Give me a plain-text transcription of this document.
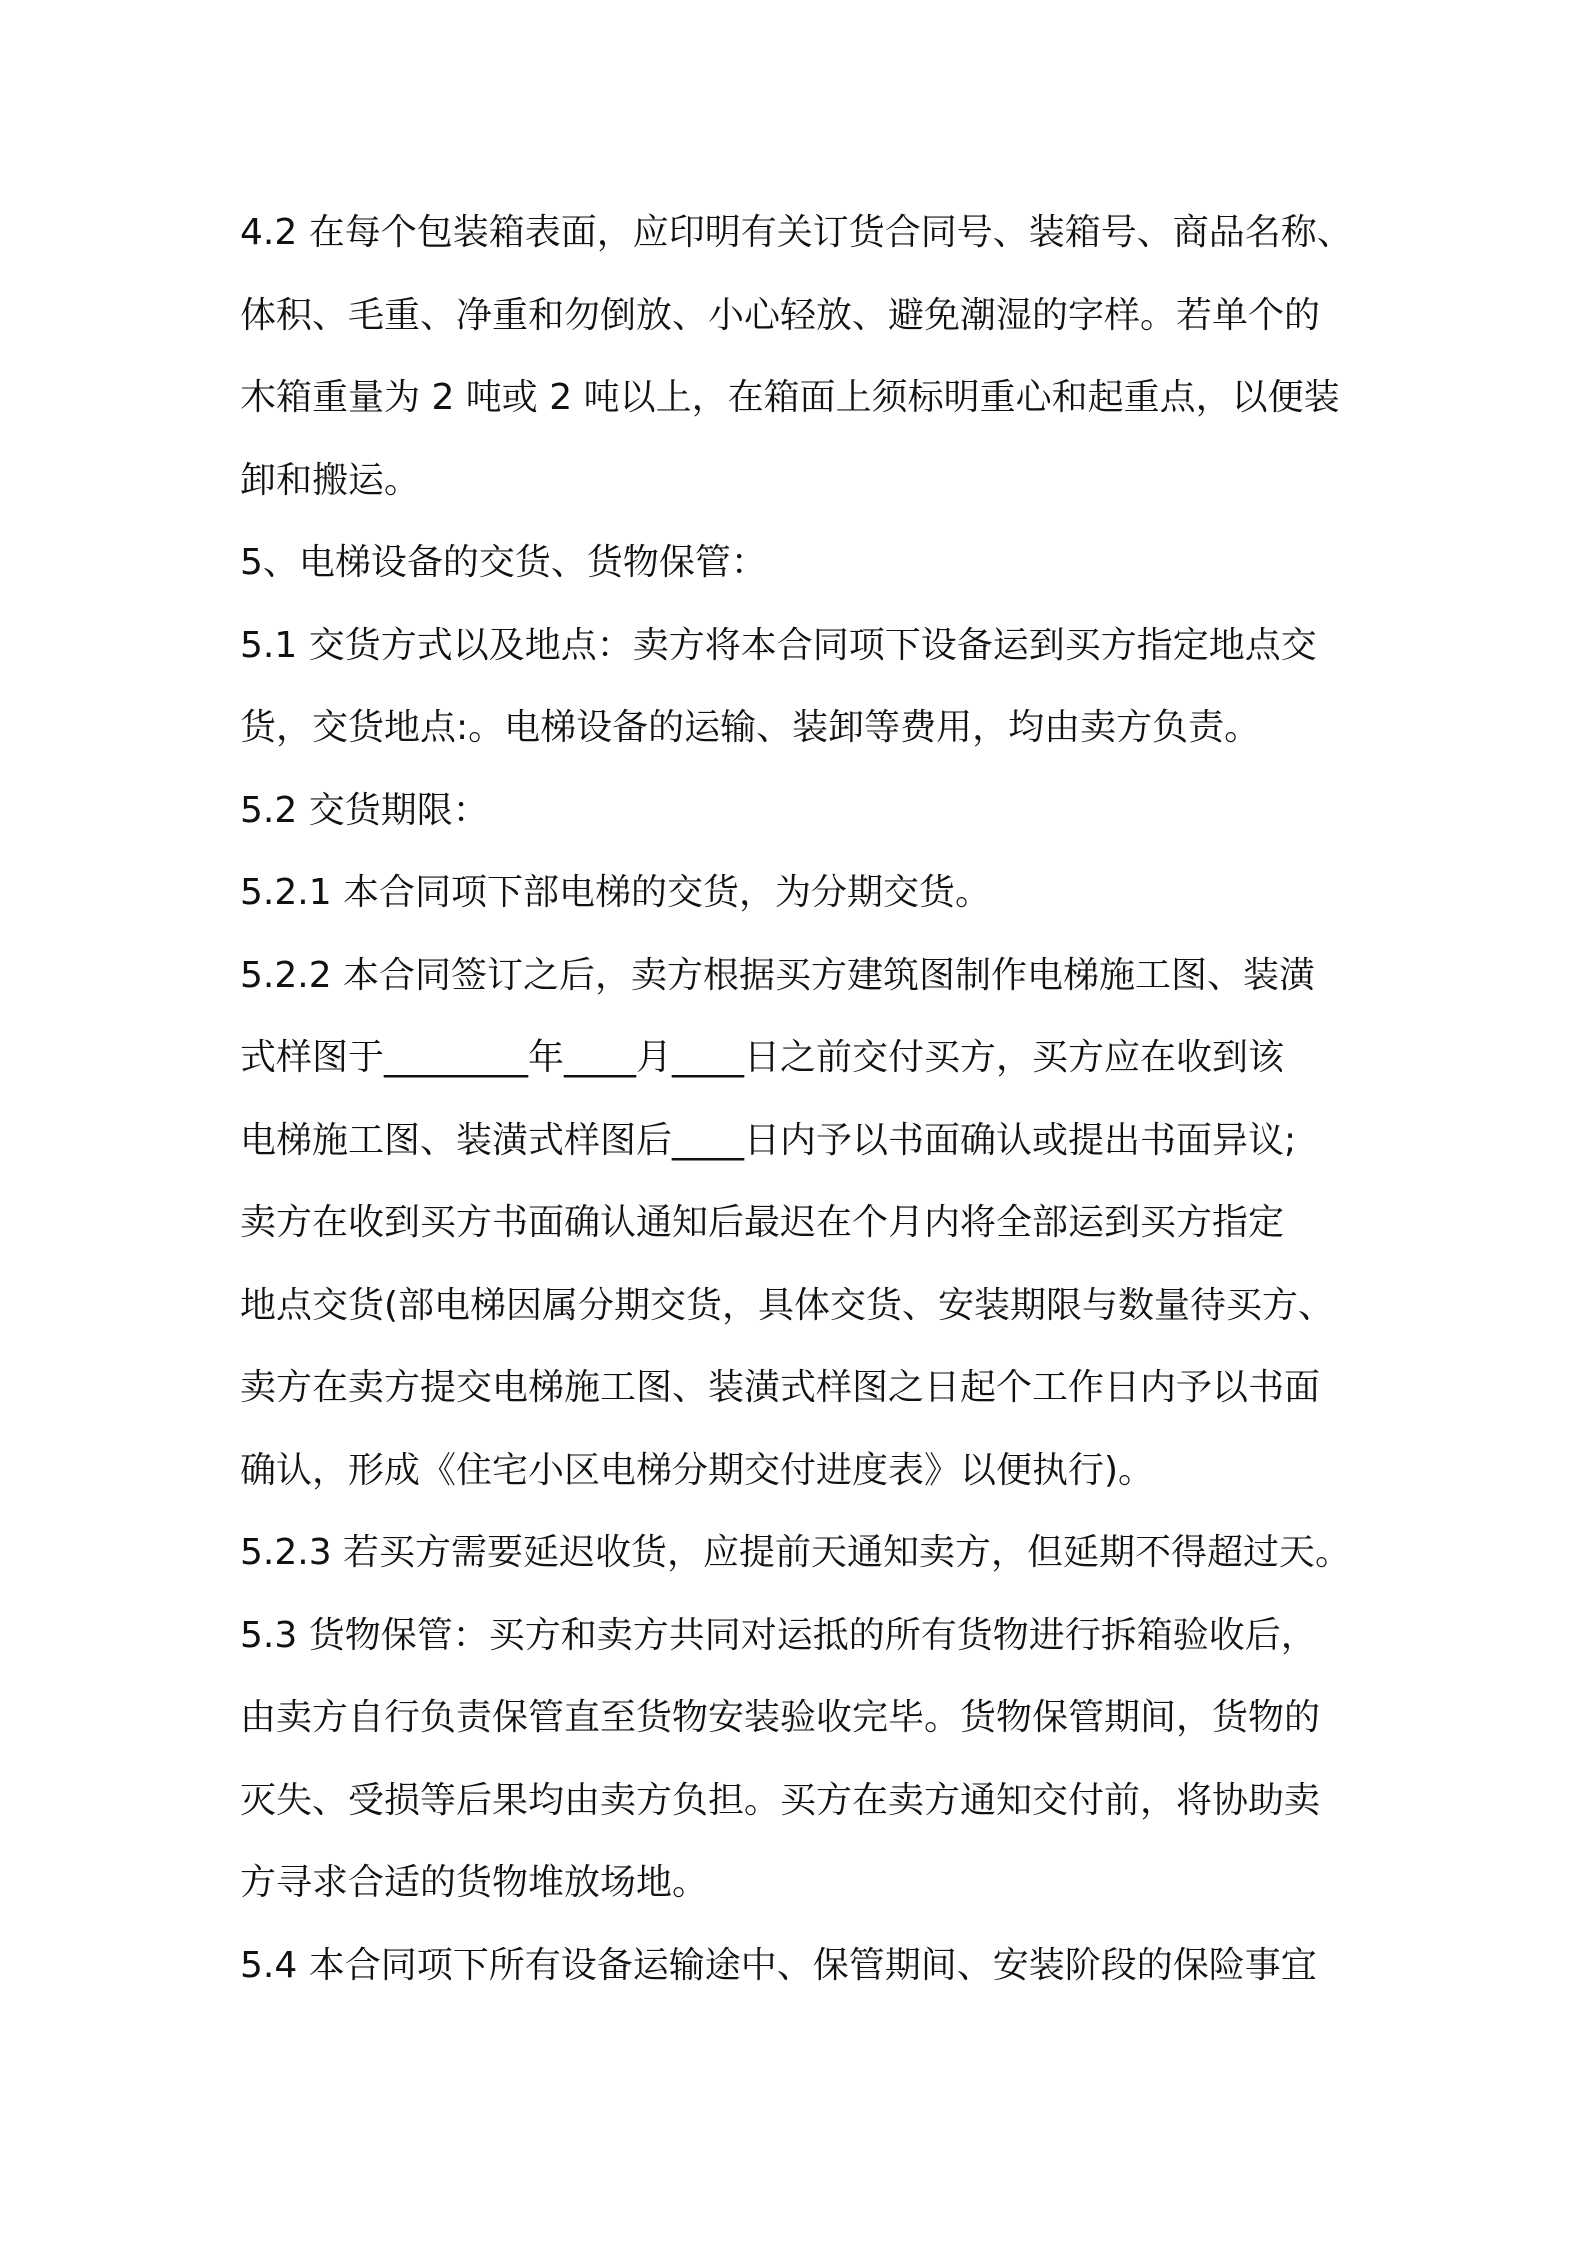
4.2 在每个包装箱表面，应印明有关订货合同号、装箱号、商品名称、
体积、毛重、净重和勿倒放、小心轻放、避免潮湿的字样。若单个的
木箱重量为 2 吨或 2 吨以上，在箱面上须标明重心和起重点，以便装
卸和搬运。
5、电梯设备的交货、货物保管：
5.1 交货方式以及地点：卖方将本合同项下设备运到买方指定地点交
货，交货地点:。电梯设备的运输、装卸等费用，均由卖方负责。
5.2 交货期限：
5.2.1 本合同项下部电梯的交货，为分期交货。
5.2.2 本合同签订之后，卖方根据买方建筑图制作电梯施工图、装潢
式样图于________年____月____日之前交付买方，买方应在收到该
电梯施工图、装潢式样图后____日内予以书面确认或提出书面异议;
卖方在收到买方书面确认通知后最迟在个月内将全部运到买方指定
地点交货(部电梯因属分期交货，具体交货、安装期限与数量待买方、
卖方在卖方提交电梯施工图、装潢式样图之日起个工作日内予以书面
确认，形成《住宅小区电梯分期交付进度表》以便执行)。
5.2.3 若买方需要延迟收货，应提前天通知卖方，但延期不得超过天。
5.3 货物保管：买方和卖方共同对运抵的所有货物进行拆箱验收后，
由卖方自行负责保管直至货物安装验收完毕。货物保管期间，货物的
灭失、受损等后果均由卖方负担。买方在卖方通知交付前，将协助卖
方寻求合适的货物堆放场地。
5.4 本合同项下所有设备运输途中、保管期间、安装阶段的保险事宜
